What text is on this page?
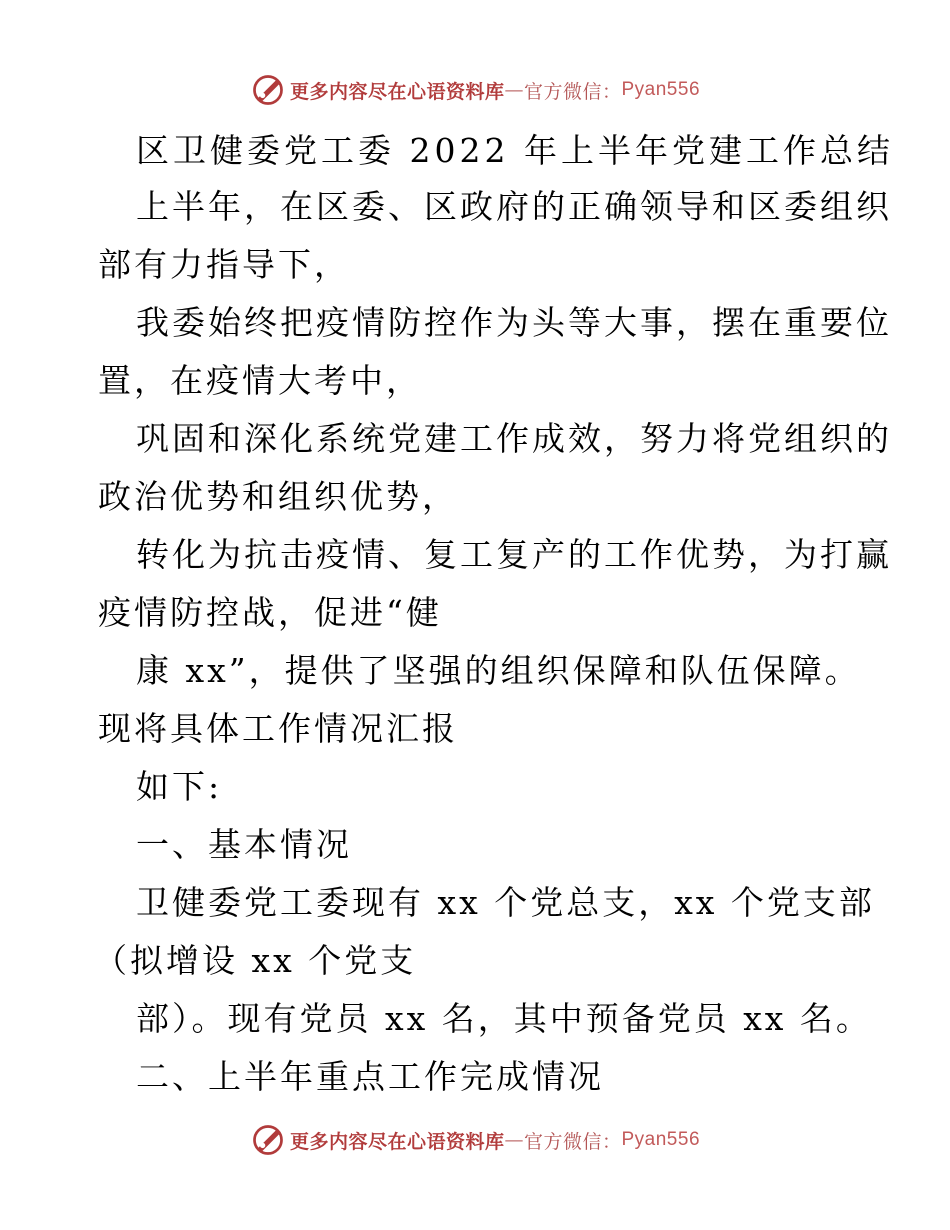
更多内容尽在心语资料库 — 官方微信： Pyan556
区卫健委党工委 2022 年上半年党建工作总结
上半年，在区委、区政府的正确领导和区委组织
部有力指导下，
我委始终把疫情防控作为头等大事，摆在重要位
置，在疫情大考中，
巩固和深化系统党建工作成效，努力将党组织的
政治优势和组织优势，
转化为抗击疫情、复工复产的工作优势，为打赢
疫情防控战，促进“健
康 xx”，提供了坚强的组织保障和队伍保障。
现将具体工作情况汇报
如下:
一、基本情况
卫健委党工委现有 xx 个党总支，xx 个党支部
（拟增设 xx 个党支
部）。现有党员 xx 名，其中预备党员 xx 名。
二、上半年重点工作完成情况
更多内容尽在心语资料库 — 官方微信： Pyan556
